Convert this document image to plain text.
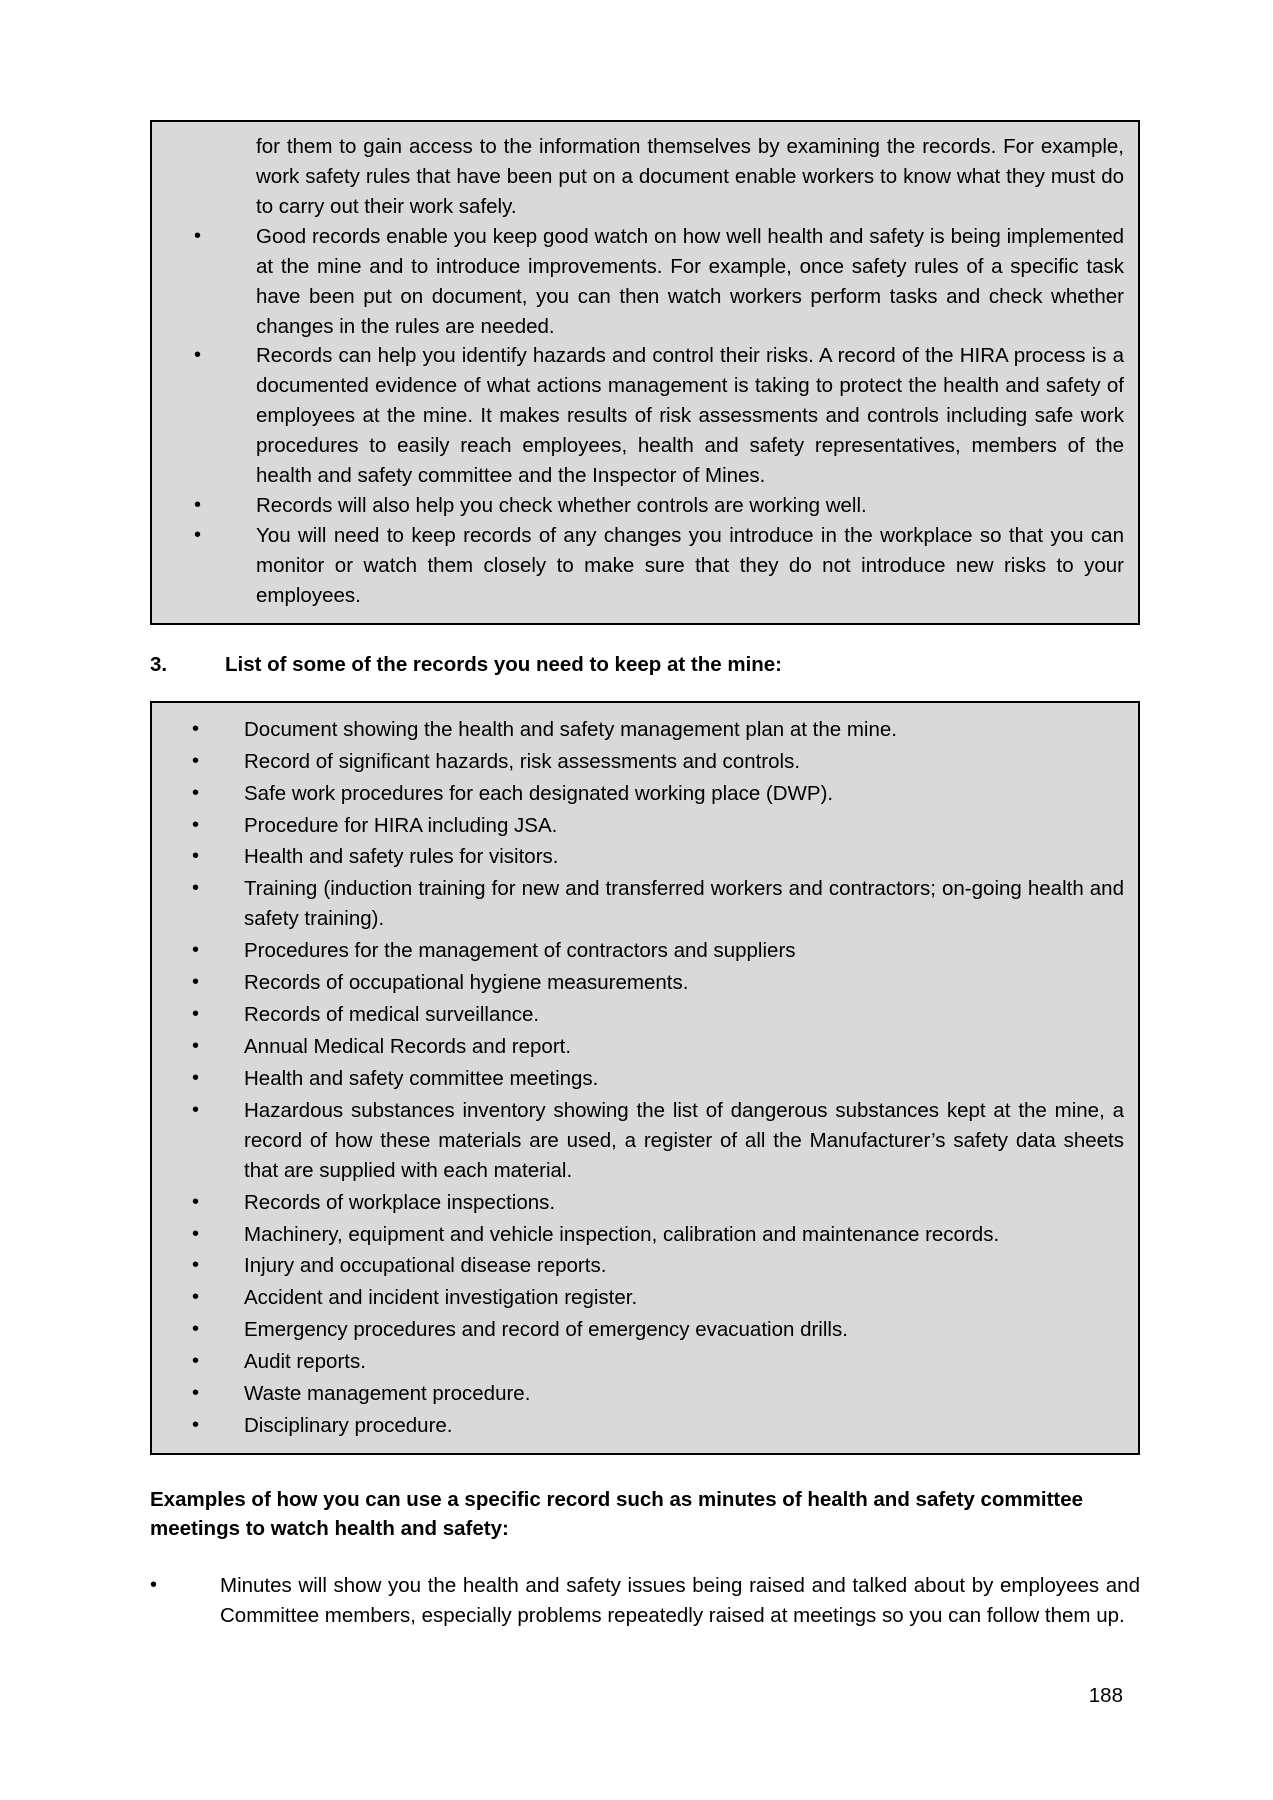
for them to gain access to the information themselves by examining the records. For example, work safety rules that have been put on a document enable workers to know what they must do to carry out their work safely.
•	Good records enable you keep good watch on how well health and safety is being implemented at the mine and to introduce improvements. For example, once safety rules of a specific task have been put on document, you can then watch workers perform tasks and check whether changes in the rules are needed.
•	Records can help you identify hazards and control their risks. A record of the HIRA process is a documented evidence of what actions management is taking to protect the health and safety of employees at the mine. It makes results of risk assessments and controls including safe work procedures to easily reach employees, health and safety representatives, members of the health and safety committee and the Inspector of Mines.
•	Records will also help you check whether controls are working well.
•	You will need to keep records of any changes you introduce in the workplace so that you can monitor or watch them closely to make sure that they do not introduce new risks to your employees.
3.	List of some of the records you need to keep at the mine:
• Document showing the health and safety management plan at the mine.
• Record of significant hazards, risk assessments and controls.
• Safe work procedures for each designated working place (DWP).
• Procedure for HIRA including JSA.
• Health and safety rules for visitors.
• Training (induction training for new and transferred workers and contractors; on-going health and safety training).
• Procedures for the management of contractors and suppliers
• Records of occupational hygiene measurements.
• Records of medical surveillance.
• Annual Medical Records and report.
• Health and safety committee meetings.
• Hazardous substances inventory showing the list of dangerous substances kept at the mine, a record of how these materials are used, a register of all the Manufacturer’s safety data sheets that are supplied with each material.
• Records of workplace inspections.
• Machinery, equipment and vehicle inspection, calibration and maintenance records.
• Injury and occupational disease reports.
• Accident and incident investigation register.
• Emergency procedures and record of emergency evacuation drills.
• Audit reports.
• Waste management procedure.
• Disciplinary procedure.
Examples of how you can use a specific record such as minutes of health and safety committee meetings to watch health and safety:
•	Minutes will show you the health and safety issues being raised and talked about by employees and Committee members, especially problems repeatedly raised at meetings so you can follow them up.
188
